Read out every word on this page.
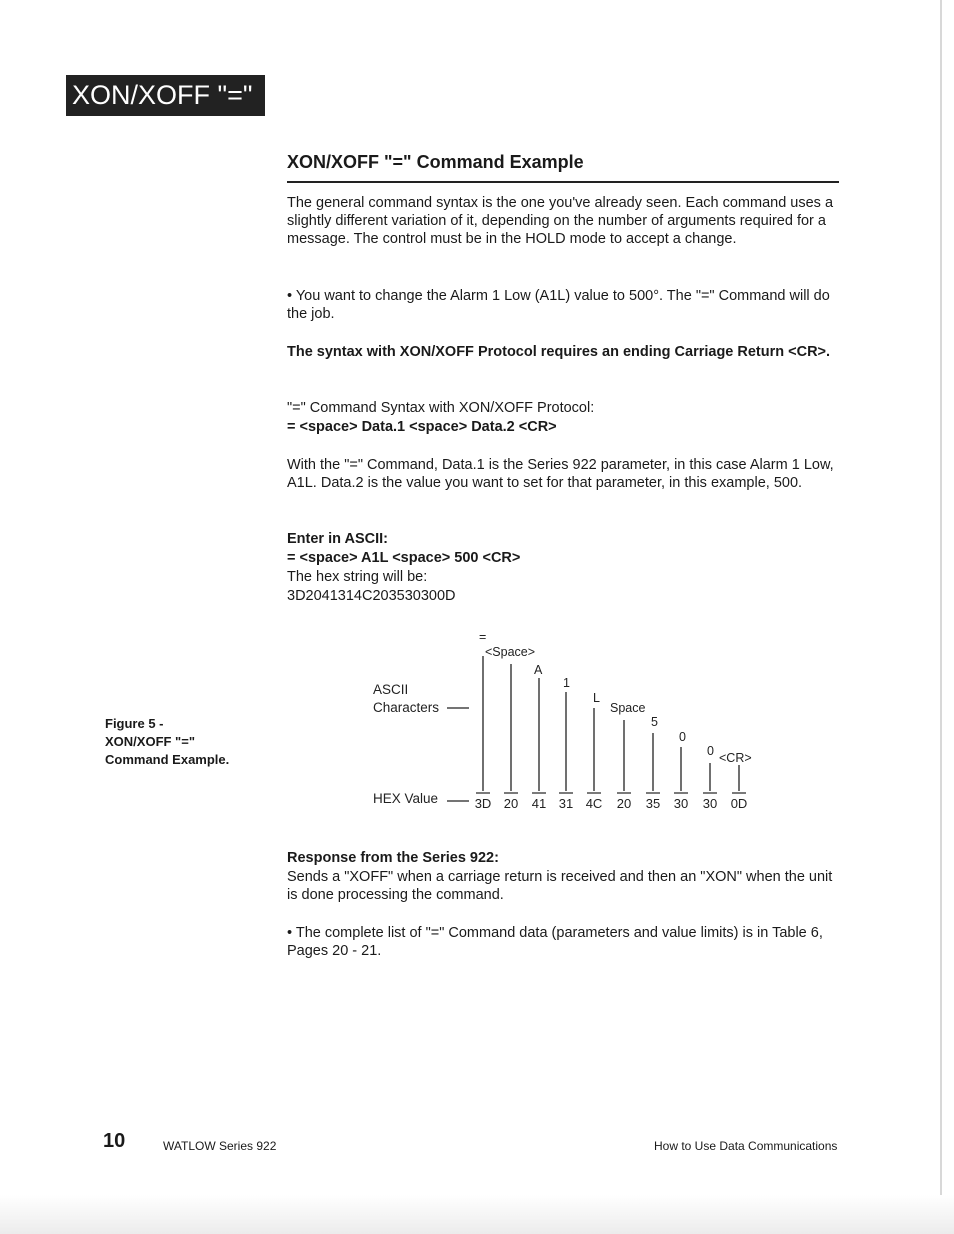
XON/XOFF "="
XON/XOFF "=" Command Example

The general command syntax is the one you've already seen. Each command uses a slightly different variation of it, depending on the number of arguments required for a message. The control must be in the HOLD mode to accept a change.

• You want to change the Alarm 1 Low (A1L) value to 500°. The "=" Command will do the job.

The syntax with XON/XOFF Protocol requires an ending Carriage Return <CR>.

"=" Command Syntax with XON/XOFF Protocol:

= <space> Data.1 <space> Data.2 <CR>

With the "=" Command, Data.1 is the Series 922 parameter, in this case Alarm 1 Low, A1L. Data.2 is the value you want to set for that parameter, in this example, 500.

Enter in ASCII:

= <space> A1L <space> 500 <CR>

The hex string will be:

3D2041314C203530300D

Figure 5 -
XON/XOFF "="
Command Example.
ASCII
Characters
HEX Value
=
<Space>
A
1
L
Space
5
0
0 <CR>
3D 20 41 31 4C 20 35 30 30 0D

Response from the Series 922:

Sends a "XOFF" when a carriage return is received and then an "XON" when the unit is done processing the command.

• The complete list of "=" Command data (parameters and value limits) is in Table 6, Pages 20 - 21.

10	WATLOW Series 922	How to Use Data Communications
